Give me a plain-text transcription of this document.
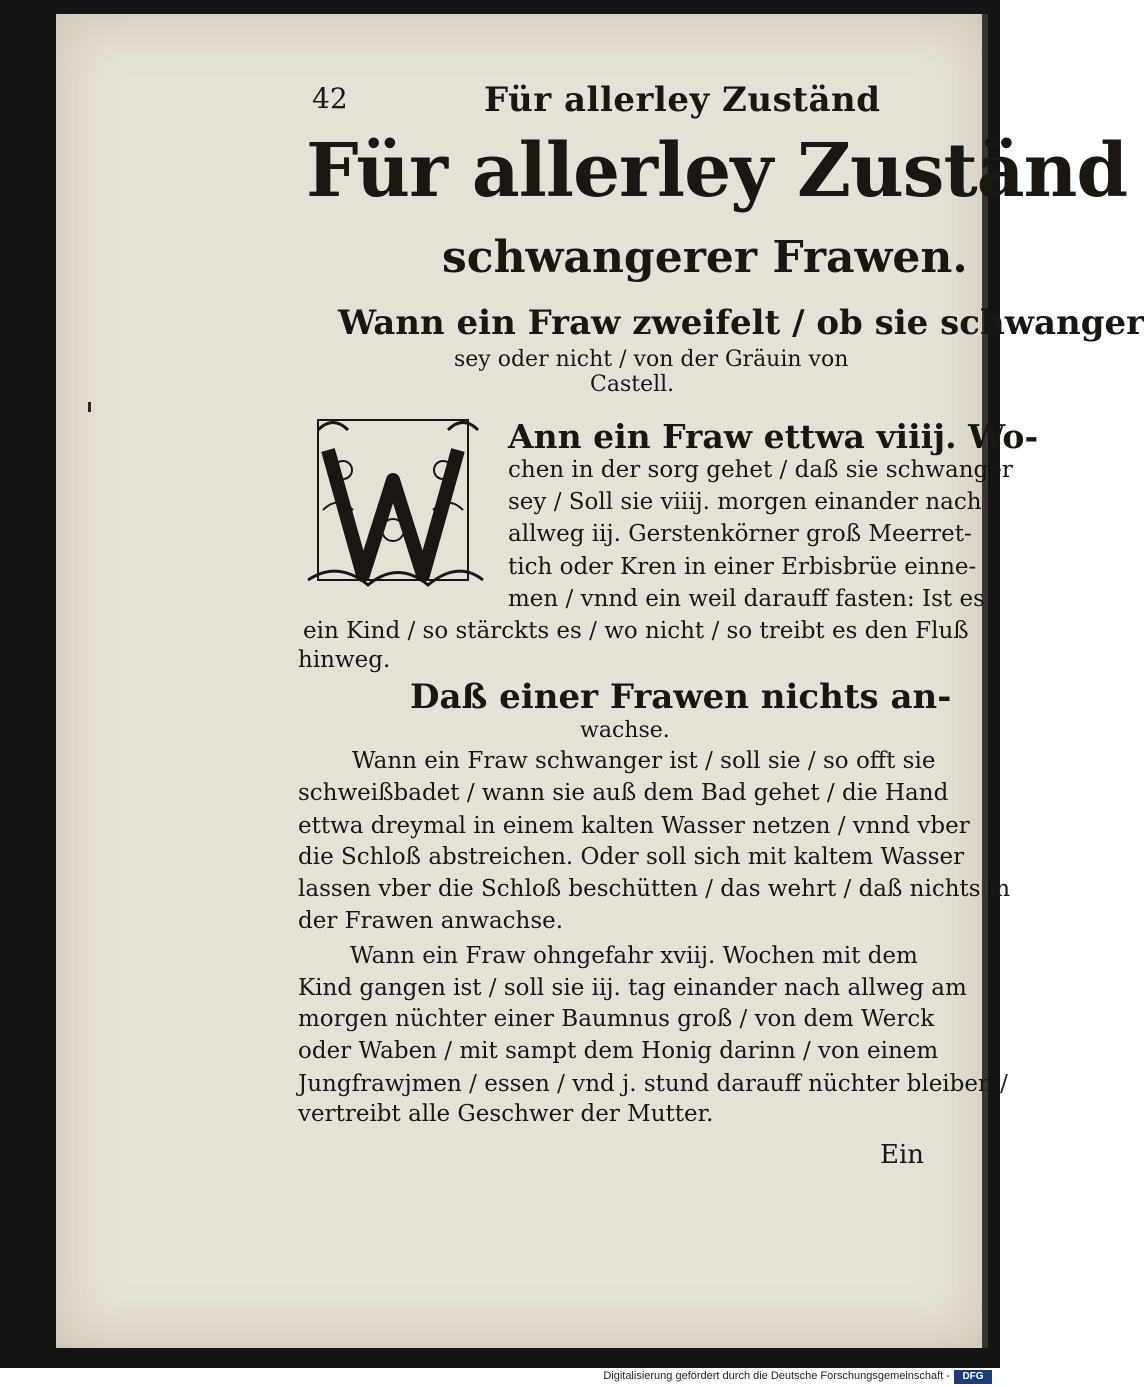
42	Für allerley Zuständ
Für allerley Zuständ
schwangerer Frawen.
Wann ein Fraw zweifelt / ob sie schwanger
sey oder nicht / von der Gräuin von
Castell.
Ann ein Fraw ettwa viiij. Wo-
chen in der sorg gehet / daß sie schwanger
sey / Soll sie viiij. morgen einander nach
allweg iij. Gerstenkörner groß Meerret-
tich oder Kren in einer Erbisbrüe einne-
men / vnnd ein weil darauff fasten: Ist es
ein Kind / so stärckts es / wo nicht / so treibt es den Fluß
hinweg.
Daß einer Frawen nichts an-
wachse.
Wann ein Fraw schwanger ist / soll sie / so offt sie
schweißbadet / wann sie auß dem Bad gehet / die Hand
ettwa dreymal in einem kalten Wasser netzen / vnnd vber
die Schloß abstreichen. Oder soll sich mit kaltem Wasser
lassen vber die Schloß beschütten / das wehrt / daß nichts in
der Frawen anwachse.
Wann ein Fraw ohngefahr xviij. Wochen mit dem
Kind gangen ist / soll sie iij. tag einander nach allweg am
morgen nüchter einer Baumnus groß / von dem Werck
oder Waben / mit sampt dem Honig darinn / von einem
Jungfrawjmen / essen / vnd j. stund darauff nüchter bleiben /
vertreibt alle Geschwer der Mutter.
Ein
Digitalisierung gefördert durch die Deutsche Forschungsgemeinschaft -	DFG
